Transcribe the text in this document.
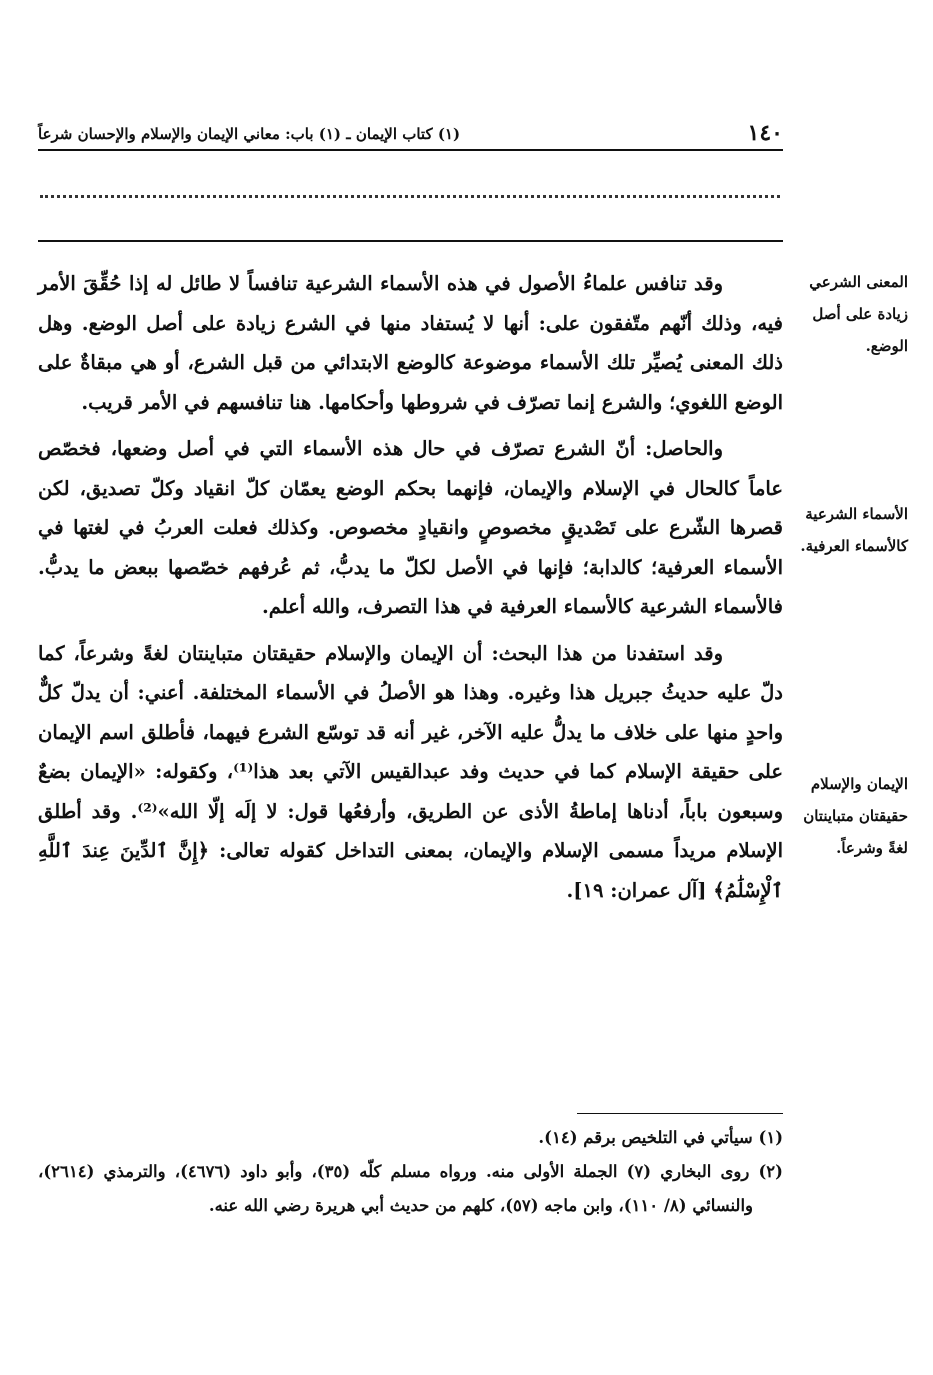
١٤٠
(١) كتاب الإيمان ـ (١) باب: معاني الإيمان والإسلام والإحسان شرعاً

وقد تنافس علماءُ الأصول في هذه الأسماء الشرعية تنافساً لا طائل له إذا حُقِّقَ الأمر فيه، وذلك أنّهم متّفقون على: أنها لا يُستفاد منها في الشرع زيادة على أصل الوضع. وهل ذلك المعنى يُصيِّر تلك الأسماء موضوعة كالوضع الابتدائي من قبل الشرع، أو هي مبقاةٌ على الوضع اللغوي؛ والشرع إنما تصرّف في شروطها وأحكامها. هنا تنافسهم في الأمر قريب.

والحاصل: أنّ الشرع تصرّف في حال هذه الأسماء التي في أصل وضعها، فخصّص عاماً كالحال في الإسلام والإيمان، فإنهما بحكم الوضع يعمّان كلّ انقياد وكلّ تصديق، لكن قصرها الشّرع على تَصْديقٍ مخصوصٍ وانقيادٍ مخصوص. وكذلك فعلت العربُ في لغتها في الأسماء العرفية؛ كالدابة؛ فإنها في الأصل لكلّ ما يدبُّ، ثم عُرفهم خصّصها ببعض ما يدبُّ. فالأسماء الشرعية كالأسماء العرفية في هذا التصرف، والله أعلم.

وقد استفدنا من هذا البحث: أن الإيمان والإسلام حقيقتان متباينتان لغةً وشرعاً، كما دلّ عليه حديثُ جبريل هذا وغيره. وهذا هو الأصلُ في الأسماء المختلفة. أعني: أن يدلّ كلٌّ واحدٍ منها على خلاف ما يدلُّ عليه الآخر، غير أنه قد توسّع الشرع فيهما، فأطلق اسم الإيمان على حقيقة الإسلام كما في حديث وفد عبدالقيس الآتي بعد هذا⁽¹⁾، وكقوله: «الإيمان بضعٌ وسبعون باباً، أدناها إماطةُ الأذى عن الطريق، وأرفعُها قول: لا إلَه إلّا الله»⁽²⁾. وقد أطلق الإسلام مريداً مسمى الإسلام والإيمان، بمعنى التداخل كقوله تعالى: ﴿إِنَّ ٱلدِّينَ عِندَ ٱللَّهِ ٱلْإِسْلَٰمُ﴾ [آل عمران: ١٩].

المعنى الشرعي زيادة على أصل الوضع.
الأسماء الشرعية كالأسماء العرفية.
الإيمان والإسلام حقيقتان متباينتان لغةً وشرعاً.

(١) سيأتي في التلخيص برقم (١٤).

(٢) روى البخاري (٧) الجملة الأولى منه. ورواه مسلم كلّه (٣٥)، وأبو داود (٤٦٧٦)، والترمذي (٢٦١٤)، والنسائي (٨/ ١١٠)، وابن ماجه (٥٧)، كلهم من حديث أبي هريرة رضي الله عنه.
